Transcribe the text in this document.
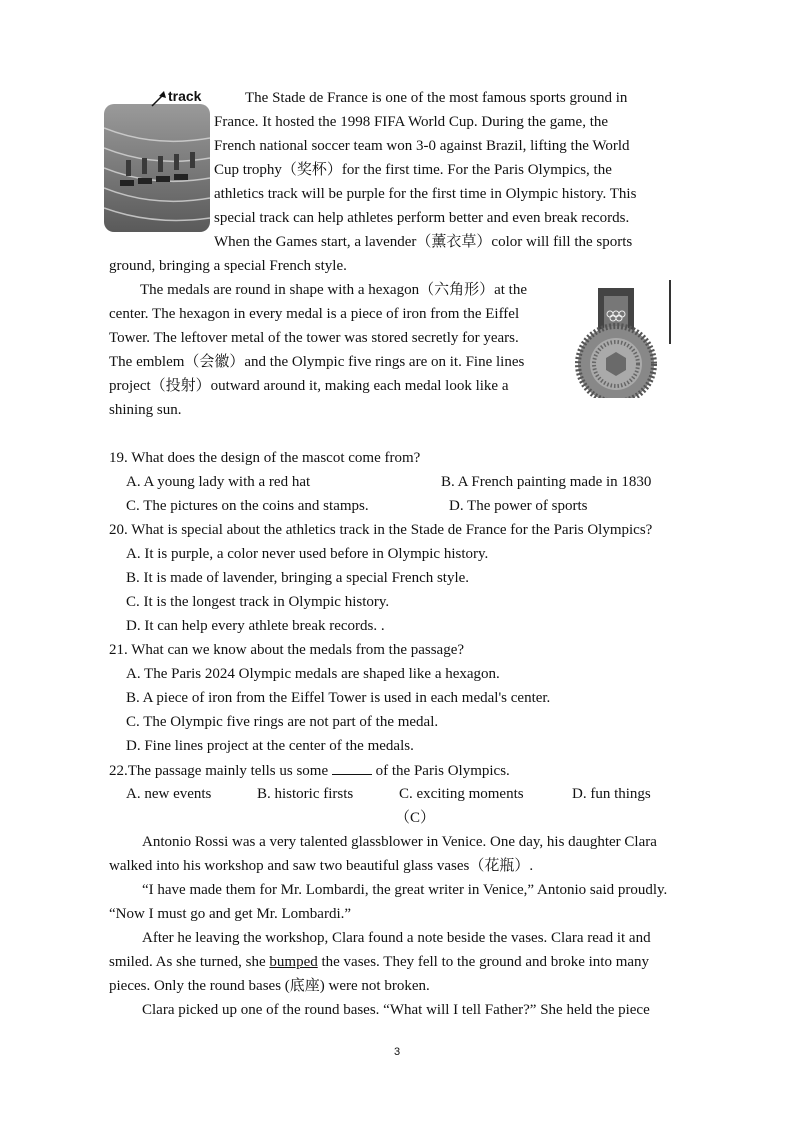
track	The Stade de France is one of the most famous sports ground in
France. It hosted the 1998 FIFA World Cup. During the game, the
French national soccer team won 3-0 against Brazil, lifting the World
Cup trophy（奖杯）for the first time. For the Paris Olympics, the
athletics track will be purple for the first time in Olympic history. This
special track can help athletes perform better and even break records.
When the Games start, a lavender（薰衣草）color will fill the sports
ground, bringing a special French style.
The medals are round in shape with a hexagon（六角形）at the
center. The hexagon in every medal is a piece of iron from the Eiffel
Tower. The leftover metal of the tower was stored secretly for years.
The emblem（会徽）and the Olympic five rings are on it. Fine lines
project（投射）outward around it, making each medal look like a
shining sun.
19. What does the design of the mascot come from?
A. A young lady with a red hat	B. A French painting made in 1830
C. The pictures on the coins and stamps.	D. The power of sports
20. What is special about the athletics track in the Stade de France for the Paris Olympics?
A. It is purple, a color never used before in Olympic history.
B. It is made of lavender, bringing a special French style.
C. It is the longest track in Olympic history.
D. It can help every athlete break records. .
21. What can we know about the medals from the passage?
A. The Paris 2024 Olympic medals are shaped like a hexagon.
B. A piece of iron from the Eiffel Tower is used in each medal's center.
C. The Olympic five rings are not part of the medal.
D. Fine lines project at the center of the medals.
22.The passage mainly tells us some	of the Paris Olympics.
A. new events	B. historic firsts	C. exciting moments	D. fun things
（C）
Antonio Rossi was a very talented glassblower in Venice. One day, his daughter Clara
walked into his workshop and saw two beautiful glass vases（花瓶）.
“I have made them for Mr. Lombardi, the great writer in Venice,” Antonio said proudly.
“Now I must go and get Mr. Lombardi.”
After he leaving the workshop, Clara found a note beside the vases. Clara read it and
smiled. As she turned, she bumped the vases. They fell to the ground and broke into many
pieces. Only the round bases (底座) were not broken.
Clara picked up one of the round bases. “What will I tell Father?” She held the piece
3
